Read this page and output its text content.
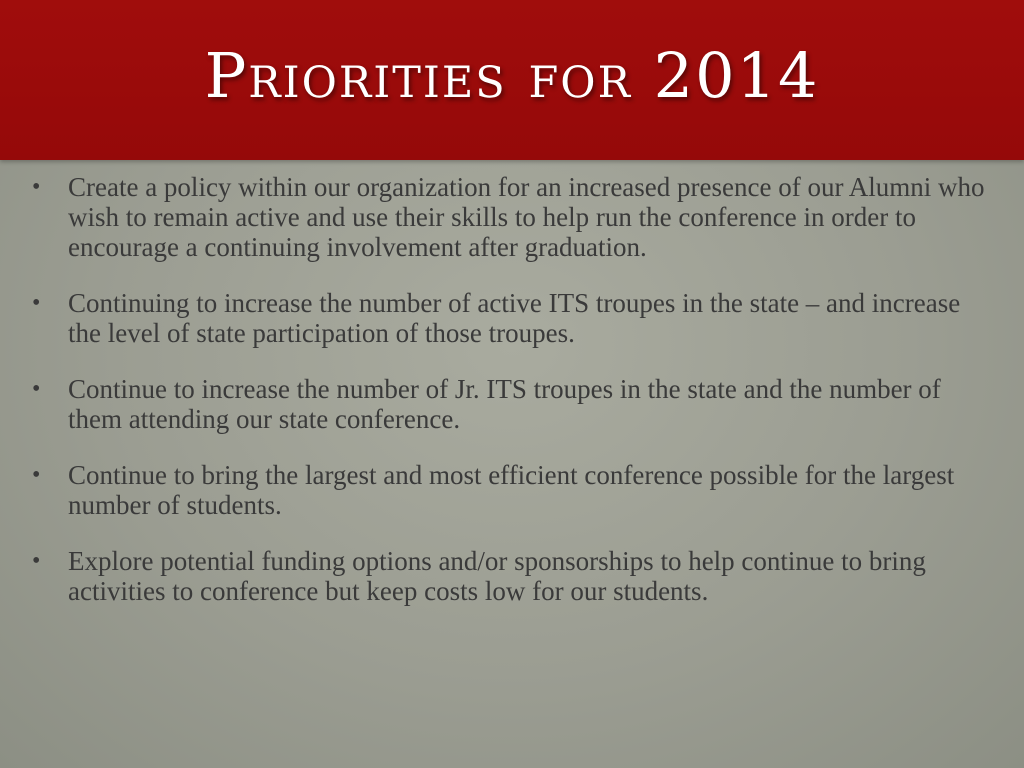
Priorities for 2014
• Create a policy within our organization for an increased presence of our Alumni who wish to remain active and use their skills to help run the conference in order to encourage a continuing involvement after graduation.
• Continuing to increase the number of active ITS troupes in the state – and increase the level of state participation of those troupes.
• Continue to increase the number of Jr. ITS troupes in the state and the number of them attending our state conference.
• Continue to bring the largest and most efficient conference possible for the largest number of students.
• Explore potential funding options and/or sponsorships to help continue to bring activities to conference but keep costs low for our students.
